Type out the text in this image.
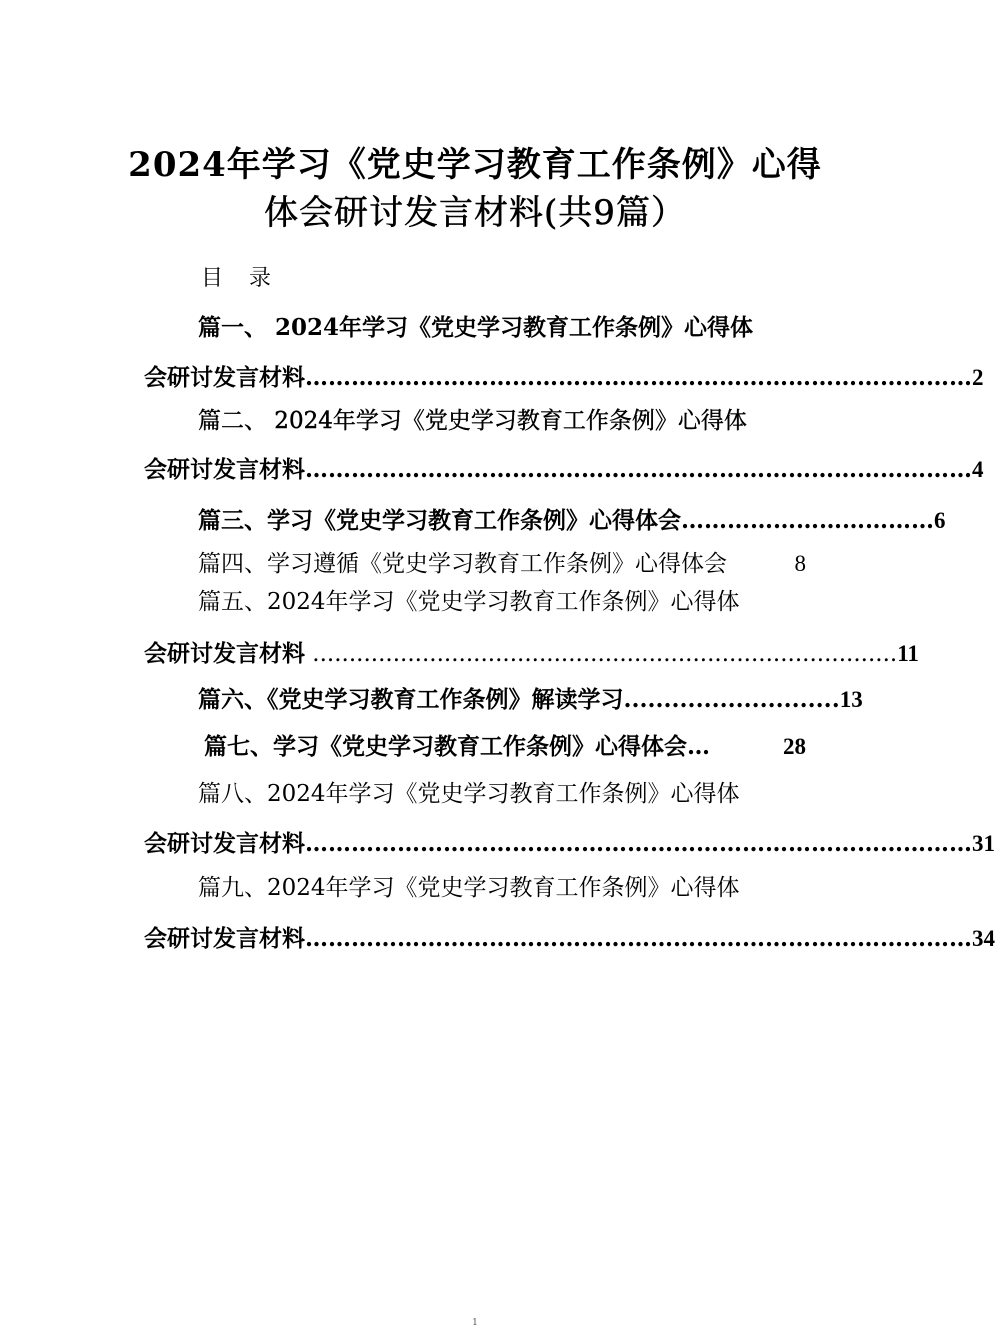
2024年学习《党史学习教育工作条例》心得
体会研讨发言材料(共9篇）
目录
篇一、 2024年学习《党史学习教育工作条例》心得体
会研讨发言材料 …………………………………………………………………………… 2
篇二、 2024年学习《党史学习教育工作条例》心得体
会研讨发言材料 …………………………………………………………………………… 4
篇三、学习《党史学习教育工作条例》心得体会 …………………………… 6
篇四、学习遵循《党史学习教育工作条例》心得体会	8
篇五、2024年学习《党史学习教育工作条例》心得体
会研讨发言材料 ................................................................................ 11
篇六、《党史学习教育工作条例》解读学习 ........................... 13
篇七、学习《党史学习教育工作条例》心得体会 …	28
篇八、2024年学习《党史学习教育工作条例》心得体
会研讨发言材料 …………………………………………………………………………… 31
篇九、2024年学习《党史学习教育工作条例》心得体
会研讨发言材料 …………………………………………………………………………… 34
1
